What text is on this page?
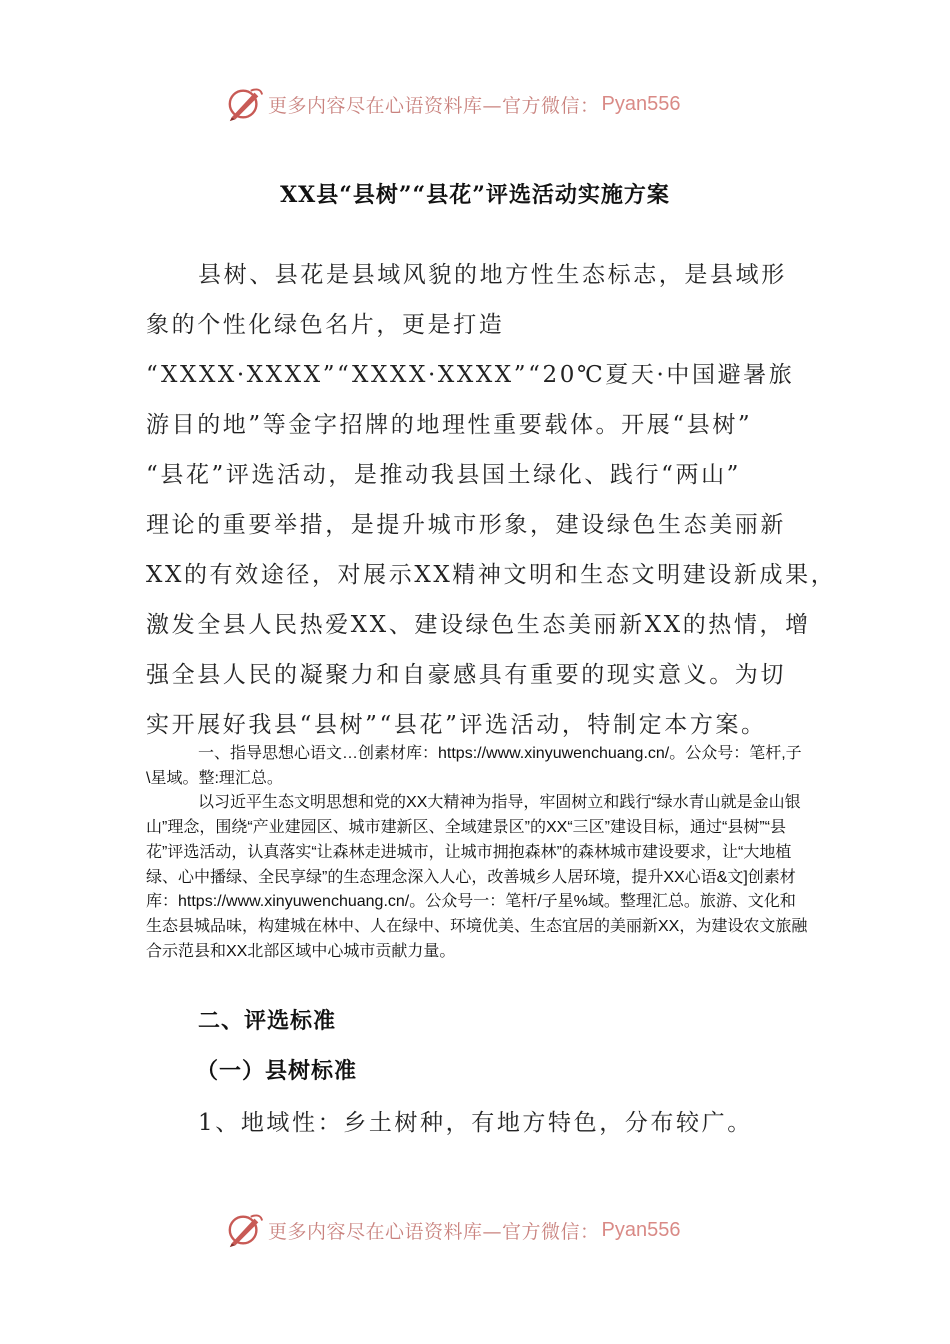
更多内容尽在心语资料库—官方微信： Pyan556
XX县“县树”“县花”评选活动实施方案
县树、县花是县域风貌的地方性生态标志，是县域形
象的个性化绿色名片，更是打造
“XXXX·XXXX”“XXXX·XXXX”“20℃夏天·中国避暑旅
游目的地”等金字招牌的地理性重要载体。开展“县树”
“县花”评选活动，是推动我县国土绿化、践行“两山”
理论的重要举措，是提升城市形象，建设绿色生态美丽新
XX的有效途径，对展示XX精神文明和生态文明建设新成果，
激发全县人民热爱XX、建设绿色生态美丽新XX的热情，增
强全县人民的凝聚力和自豪感具有重要的现实意义。为切
实开展好我县“县树”“县花”评选活动，特制定本方案。

一、指导思想心语文…创素材库：https://www.xinyuwenchuang.cn/。公众号：笔杆,子\星域。整:理汇总。

以习近平生态文明思想和党的XX大精神为指导，牢固树立和践行“绿水青山就是金山银山”理念，围绕“产业建园区、城市建新区、全域建景区”的XX“三区”建设目标，通过“县树”“县花”评选活动，认真落实“让森林走进城市，让城市拥抱森林”的森林城市建设要求，让“大地植绿、心中播绿、全民享绿”的生态理念深入人心，改善城乡人居环境，提升XX心语&文]创素材库：https://www.xinyuwenchuang.cn/。公众号一：笔杆/子星%域。整理汇总。旅游、文化和生态县城品味，构建城在林中、人在绿中、环境优美、生态宜居的美丽新XX，为建设农文旅融合示范县和XX北部区域中心城市贡献力量。

二、评选标准
（一）县树标准
1、地域性：乡土树种，有地方特色，分布较广。
更多内容尽在心语资料库—官方微信： Pyan556
